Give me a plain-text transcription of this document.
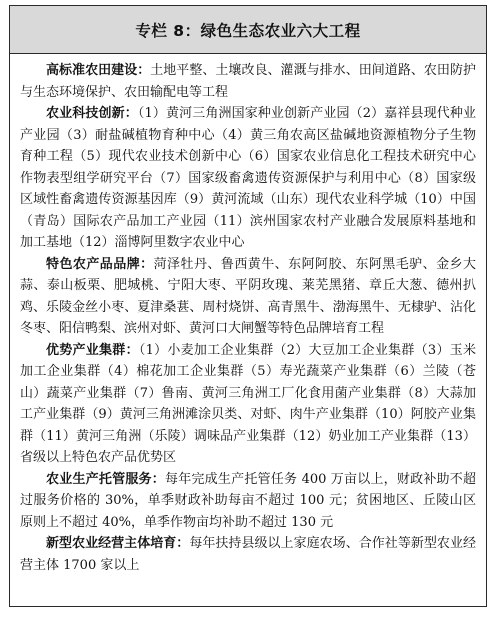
专栏 8：绿色生态农业六大工程

高标准农田建设：土地平整、土壤改良、灌溉与排水、田间道路、农田防护与生态环境保护、农田输配电等工程

农业科技创新：（1）黄河三角洲国家种业创新产业园（2）嘉祥县现代种业产业园（3）耐盐碱植物育种中心（4）黄三角农高区盐碱地资源植物分子生物育种工程（5）现代农业技术创新中心（6）国家农业信息化工程技术研究中心作物表型组学研究平台（7）国家级畜禽遗传资源保护与利用中心（8）国家级区域性畜禽遗传资源基因库（9）黄河流域（山东）现代农业科学城（10）中国（青岛）国际农产品加工产业园（11）滨州国家农村产业融合发展原料基地和加工基地（12）淄博阿里数字农业中心

特色农产品品牌：菏泽牡丹、鲁西黄牛、东阿阿胶、东阿黑毛驴、金乡大蒜、泰山板栗、肥城桃、宁阳大枣、平阴玫瑰、莱芜黑猪、章丘大葱、德州扒鸡、乐陵金丝小枣、夏津桑葚、周村烧饼、高青黑牛、渤海黑牛、无棣驴、沾化冬枣、阳信鸭梨、滨州对虾、黄河口大闸蟹等特色品牌培育工程

优势产业集群：（1）小麦加工企业集群（2）大豆加工企业集群（3）玉米加工企业集群（4）棉花加工企业集群（5）寿光蔬菜产业集群（6）兰陵（苍山）蔬菜产业集群（7）鲁南、黄河三角洲工厂化食用菌产业集群（8）大蒜加工产业集群（9）黄河三角洲滩涂贝类、对虾、肉牛产业集群（10）阿胶产业集群（11）黄河三角洲（乐陵）调味品产业集群（12）奶业加工产业集群（13）省级以上特色农产品优势区

农业生产托管服务：每年完成生产托管任务 400 万亩以上，财政补助不超过服务价格的 30%，单季财政补助每亩不超过 100 元；贫困地区、丘陵山区原则上不超过 40%，单季作物亩均补助不超过 130 元

新型农业经营主体培育：每年扶持县级以上家庭农场、合作社等新型农业经营主体 1700 家以上
